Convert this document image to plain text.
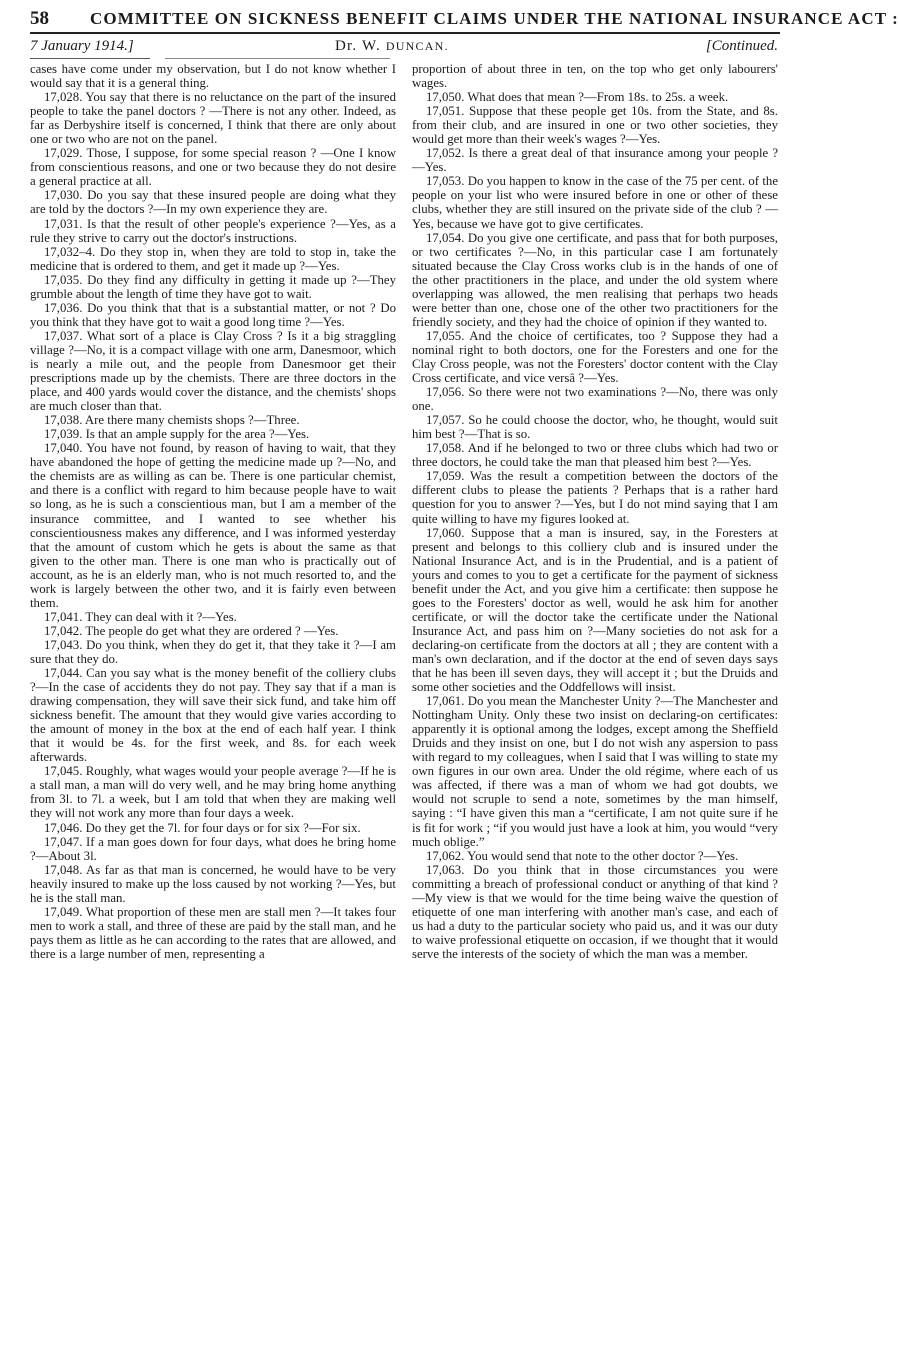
58 COMMITTEE ON SICKNESS BENEFIT CLAIMS UNDER THE NATIONAL INSURANCE ACT :
7 January 1914.]	Dr. W. DUNCAN.	[Continued.

cases have come under my observation, but I do not know whether I would say that it is a general thing.

17,028. You say that there is no reluctance on the part of the insured people to take the panel doctors ? —There is not any other. Indeed, as far as Derbyshire itself is concerned, I think that there are only about one or two who are not on the panel.

17,029. Those, I suppose, for some special reason ? —One I know from conscientious reasons, and one or two because they do not desire a general practice at all.

17,030. Do you say that these insured people are doing what they are told by the doctors ?—In my own experience they are.

17,031. Is that the result of other people's experience ?—Yes, as a rule they strive to carry out the doctor's instructions.

17,032–4. Do they stop in, when they are told to stop in, take the medicine that is ordered to them, and get it made up ?—Yes.

17,035. Do they find any difficulty in getting it made up ?—They grumble about the length of time they have got to wait.

17,036. Do you think that that is a substantial matter, or not ? Do you think that they have got to wait a good long time ?—Yes.

17,037. What sort of a place is Clay Cross ? Is it a big straggling village ?—No, it is a compact village with one arm, Danesmoor, which is nearly a mile out, and the people from Danesmoor get their prescriptions made up by the chemists. There are three doctors in the place, and 400 yards would cover the distance, and the chemists' shops are much closer than that.

17,038. Are there many chemists shops ?—Three.

17,039. Is that an ample supply for the area ?—Yes.

17,040. You have not found, by reason of having to wait, that they have abandoned the hope of getting the medicine made up ?—No, and the chemists are as willing as can be. There is one particular chemist, and there is a conflict with regard to him because people have to wait so long, as he is such a conscientious man, but I am a member of the insurance committee, and I wanted to see whether his conscientiousness makes any difference, and I was informed yesterday that the amount of custom which he gets is about the same as that given to the other man. There is one man who is practically out of account, as he is an elderly man, who is not much resorted to, and the work is largely between the other two, and it is fairly even between them.

17,041. They can deal with it ?—Yes.

17,042. The people do get what they are ordered ? —Yes.

17,043. Do you think, when they do get it, that they take it ?—I am sure that they do.

17,044. Can you say what is the money benefit of the colliery clubs ?—In the case of accidents they do not pay. They say that if a man is drawing compensation, they will save their sick fund, and take him off sickness benefit. The amount that they would give varies according to the amount of money in the box at the end of each half year. I think that it would be 4s. for the first week, and 8s. for each week afterwards.

17,045. Roughly, what wages would your people average ?—If he is a stall man, a man will do very well, and he may bring home anything from 3l. to 7l. a week, but I am told that when they are making well they will not work any more than four days a week.

17,046. Do they get the 7l. for four days or for six ?—For six.

17,047. If a man goes down for four days, what does he bring home ?—About 3l.

17,048. As far as that man is concerned, he would have to be very heavily insured to make up the loss caused by not working ?—Yes, but he is the stall man.

17,049. What proportion of these men are stall men ?—It takes four men to work a stall, and three of these are paid by the stall man, and he pays them as little as he can according to the rates that are allowed, and there is a large number of men, representing a

proportion of about three in ten, on the top who get only labourers' wages.

17,050. What does that mean ?—From 18s. to 25s. a week.

17,051. Suppose that these people get 10s. from the State, and 8s. from their club, and are insured in one or two other societies, they would get more than their week's wages ?—Yes.

17,052. Is there a great deal of that insurance among your people ?—Yes.

17,053. Do you happen to know in the case of the 75 per cent. of the people on your list who were insured before in one or other of these clubs, whether they are still insured on the private side of the club ? —Yes, because we have got to give certificates.

17,054. Do you give one certificate, and pass that for both purposes, or two certificates ?—No, in this particular case I am fortunately situated because the Clay Cross works club is in the hands of one of the other practitioners in the place, and under the old system where overlapping was allowed, the men realising that perhaps two heads were better than one, chose one of the other two practitioners for the friendly society, and they had the choice of opinion if they wanted to.

17,055. And the choice of certificates, too ? Suppose they had a nominal right to both doctors, one for the Foresters and one for the Clay Cross people, was not the Foresters' doctor content with the Clay Cross certificate, and vice versâ ?—Yes.

17,056. So there were not two examinations ?—No, there was only one.

17,057. So he could choose the doctor, who, he thought, would suit him best ?—That is so.

17,058. And if he belonged to two or three clubs which had two or three doctors, he could take the man that pleased him best ?—Yes.

17,059. Was the result a competition between the doctors of the different clubs to please the patients ? Perhaps that is a rather hard question for you to answer ?—Yes, but I do not mind saying that I am quite willing to have my figures looked at.

17,060. Suppose that a man is insured, say, in the Foresters at present and belongs to this colliery club and is insured under the National Insurance Act, and is in the Prudential, and is a patient of yours and comes to you to get a certificate for the payment of sickness benefit under the Act, and you give him a certificate: then suppose he goes to the Foresters' doctor as well, would he ask him for another certificate, or will the doctor take the certificate under the National Insurance Act, and pass him on ?—Many societies do not ask for a declaring-on certificate from the doctors at all ; they are content with a man's own declaration, and if the doctor at the end of seven days says that he has been ill seven days, they will accept it ; but the Druids and some other societies and the Oddfellows will insist.

17,061. Do you mean the Manchester Unity ?—The Manchester and Nottingham Unity. Only these two insist on declaring-on certificates: apparently it is optional among the lodges, except among the Sheffield Druids and they insist on one, but I do not wish any aspersion to pass with regard to my colleagues, when I said that I was willing to state my own figures in our own area. Under the old régime, where each of us was affected, if there was a man of whom we had got doubts, we would not scruple to send a note, sometimes by the man himself, saying : “I have given this man a “certificate, I am not quite sure if he is fit for work ; “if you would just have a look at him, you would “very much oblige.”

17,062. You would send that note to the other doctor ?—Yes.

17,063. Do you think that in those circumstances you were committing a breach of professional conduct or anything of that kind ?—My view is that we would for the time being waive the question of etiquette of one man interfering with another man's case, and each of us had a duty to the particular society who paid us, and it was our duty to waive professional etiquette on occasion, if we thought that it would serve the interests of the society of which the man was a member.
